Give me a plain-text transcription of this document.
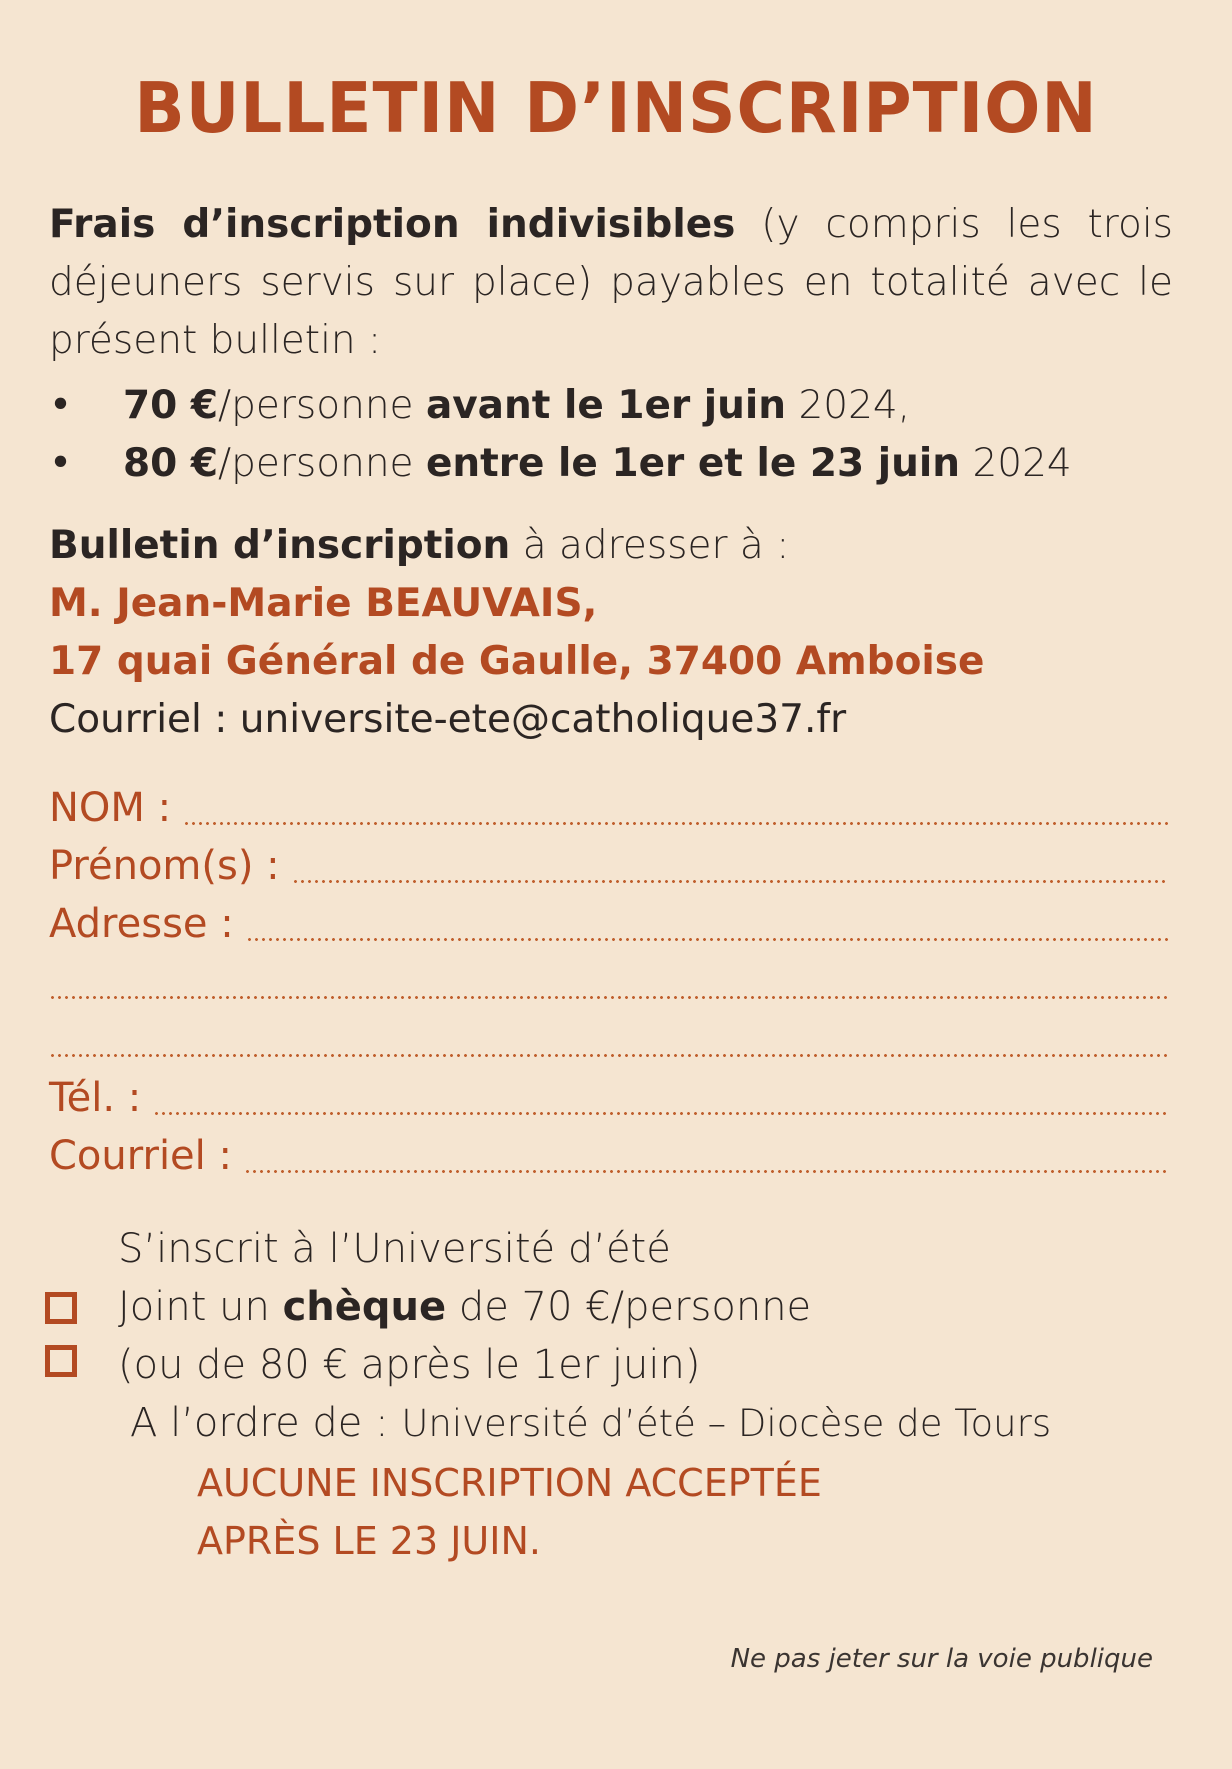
BULLETIN D’INSCRIPTION
Frais d’inscription indivisibles (y compris les trois déjeuners servis sur place) payables en totalité avec le présent bulletin :
• 70 €/personne avant le 1er juin 2024,
• 80 €/personne entre le 1er et le 23 juin 2024
Bulletin d’inscription à adresser à :
M. Jean-Marie BEAUVAIS,
17 quai Général de Gaulle, 37400 Amboise
Courriel : universite-ete@catholique37.fr
NOM :
Prénom(s) :
Adresse :
Tél. :
Courriel :
S’inscrit à l’Université d’été
Joint un chèque de 70 €/personne
(ou de 80 € après le 1er juin)
A l’ordre de : Université d’été – Diocèse de Tours
AUCUNE INSCRIPTION ACCEPTÉE
APRÈS LE 23 JUIN.
Ne pas jeter sur la voie publique
